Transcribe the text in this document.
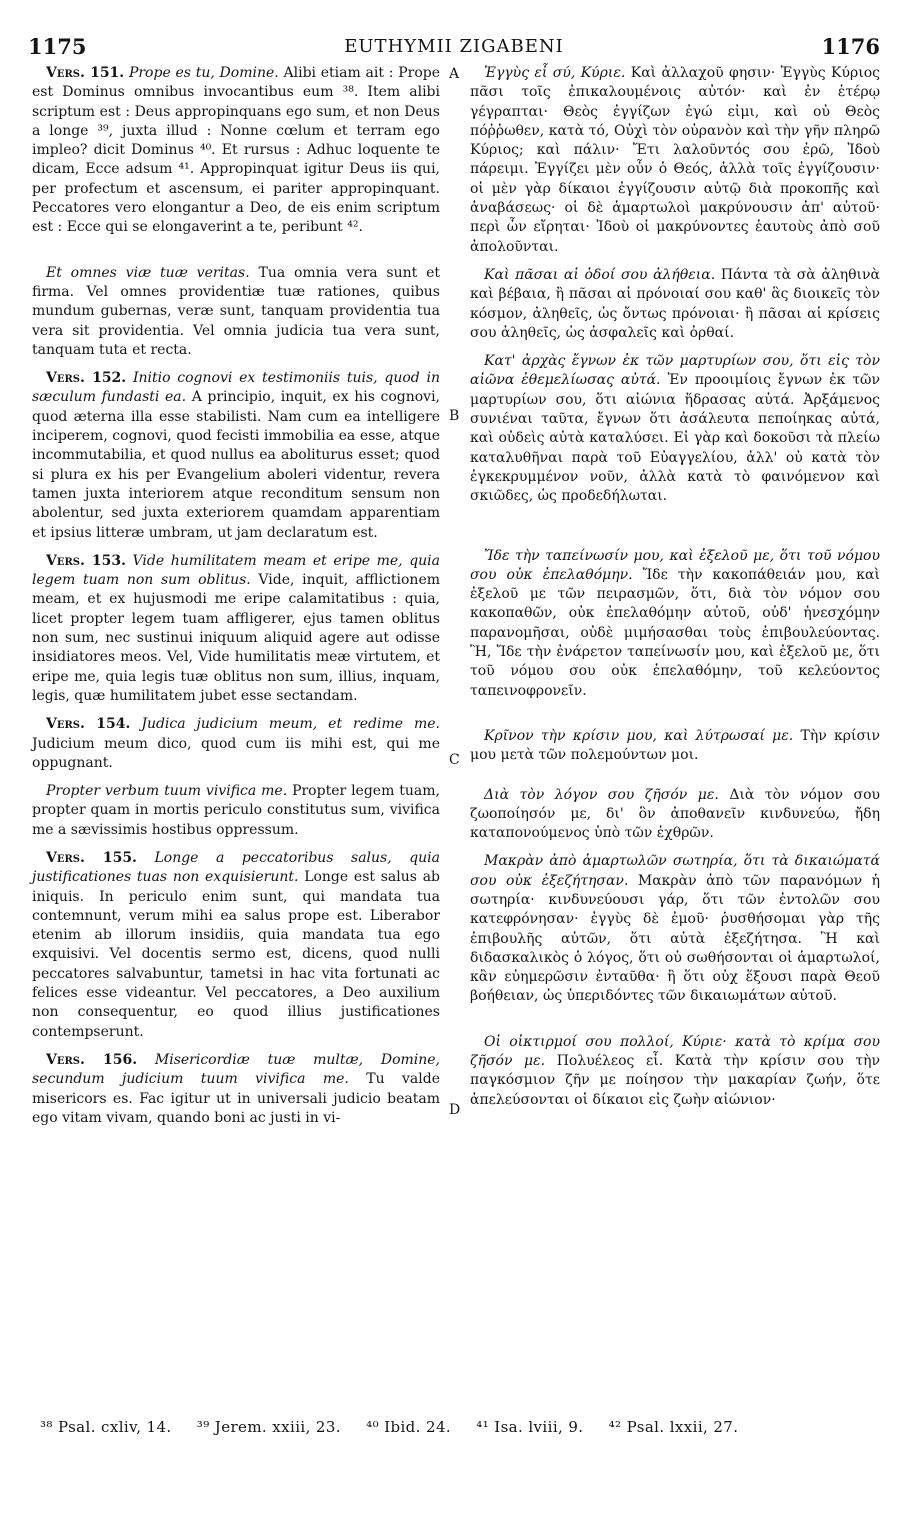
1175	EUTHYMII ZIGABENI	1176

Vers. 151. Prope es tu, Domine. Alibi etiam ait : Prope est Dominus omnibus invocantibus eum ³⁸. Item alibi scriptum est : Deus appropinquans ego sum, et non Deus a longe ³⁹, juxta illud : Nonne cœlum et terram ego impleo? dicit Dominus ⁴⁰. Et rursus : Adhuc loquente te dicam, Ecce adsum ⁴¹. Appropinquat igitur Deus iis qui, per profectum et ascensum, ei pariter appropinquant. Peccatores vero elongantur a Deo, de eis enim scriptum est : Ecce qui se elongaverint a te, peribunt ⁴².

Et omnes viæ tuæ veritas. Tua omnia vera sunt et firma. Vel omnes providentiæ tuæ rationes, quibus mundum gubernas, veræ sunt, tanquam providentia tua vera sit providentia. Vel omnia judicia tua vera sunt, tanquam tuta et recta.

Vers. 152. Initio cognovi ex testimoniis tuis, quod in sæculum fundasti ea. A principio, inquit, ex his cognovi, quod æterna illa esse stabilisti. Nam cum ea intelligere inciperem, cognovi, quod fecisti immobilia ea esse, atque incommutabilia, et quod nullus ea aboliturus esset; quod si plura ex his per Evangelium aboleri videntur, revera tamen juxta interiorem atque reconditum sensum non abolentur, sed juxta exteriorem quamdam apparentiam et ipsius litteræ umbram, ut jam declaratum est.

Vers. 153. Vide humilitatem meam et eripe me, quia legem tuam non sum oblitus. Vide, inquit, afflictionem meam, et ex hujusmodi me eripe calamitatibus : quia, licet propter legem tuam affligerer, ejus tamen oblitus non sum, nec sustinui iniquum aliquid agere aut odisse insidiatores meos. Vel, Vide humilitatis meæ virtutem, et eripe me, quia legis tuæ oblitus non sum, illius, inquam, legis, quæ humilitatem jubet esse sectandam.

Vers. 154. Judica judicium meum, et redime me. Judicium meum dico, quod cum iis mihi est, qui me oppugnant.

Propter verbum tuum vivifica me. Propter legem tuam, propter quam in mortis periculo constitutus sum, vivifica me a sævissimis hostibus oppressum.

Vers. 155. Longe a peccatoribus salus, quia justificationes tuas non exquisierunt. Longe est salus ab iniquis. In periculo enim sunt, qui mandata tua contemnunt, verum mihi ea salus prope est. Liberabor etenim ab illorum insidiis, quia mandata tua ego exquisivi. Vel docentis sermo est, dicens, quod nulli peccatores salvabuntur, tametsi in hac vita fortunati ac felices esse videantur. Vel peccatores, a Deo auxilium non consequentur, eo quod illius justificationes contempserunt.

Vers. 156. Misericordiæ tuæ multæ, Domine, secundum judicium tuum vivifica me. Tu valde misericors es. Fac igitur ut in universali judicio beatam ego vitam vivam, quando boni ac justi in vi-

Ἐγγὺς εἶ σύ, Κύριε. Καὶ ἀλλαχοῦ φησιν· Ἐγγὺς Κύριος πᾶσι τοῖς ἐπικαλουμένοις αὐτόν· καὶ ἐν ἑτέρῳ γέγραπται· Θεὸς ἐγγίζων ἐγώ εἰμι, καὶ οὐ Θεὸς πόῤῥωθεν, κατὰ τό, Οὐχὶ τὸν οὐρανὸν καὶ τὴν γῆν πληρῶ Κύριος; καὶ πάλιν· Ἔτι λαλοῦντός σου ἐρῶ, Ἰδοὺ πάρειμι. Ἐγγίζει μὲν οὖν ὁ Θεός, ἀλλὰ τοῖς ἐγγίζουσιν· οἱ μὲν γὰρ δίκαιοι ἐγγίζουσιν αὐτῷ διὰ προκοπῆς καὶ ἀναβάσεως· οἱ δὲ ἁμαρτωλοὶ μακρύνουσιν ἀπ' αὐτοῦ· περὶ ὧν εἴρηται· Ἰδοὺ οἱ μακρύνοντες ἑαυτοὺς ἀπὸ σοῦ ἀπολοῦνται.

Καὶ πᾶσαι αἱ ὁδοί σου ἀλήθεια. Πάντα τὰ σὰ ἀληθινὰ καὶ βέβαια, ἢ πᾶσαι αἱ πρόνοιαί σου καθ' ἃς διοικεῖς τὸν κόσμον, ἀληθεῖς, ὡς ὄντως πρόνοιαι· ἢ πᾶσαι αἱ κρίσεις σου ἀληθεῖς, ὡς ἀσφαλεῖς καὶ ὀρθαί.

Κατ' ἀρχὰς ἔγνων ἐκ τῶν μαρτυρίων σου, ὅτι εἰς τὸν αἰῶνα ἐθεμελίωσας αὐτά. Ἐν προοιμίοις ἔγνων ἐκ τῶν μαρτυρίων σου, ὅτι αἰώνια ἥδρασας αὐτά. Ἀρξάμενος συνιέναι ταῦτα, ἔγνων ὅτι ἀσάλευτα πεποίηκας αὐτά, καὶ οὐδεὶς αὐτὰ καταλύσει. Εἰ γὰρ καὶ δοκοῦσι τὰ πλείω καταλυθῆναι παρὰ τοῦ Εὐαγγελίου, ἀλλ' οὐ κατὰ τὸν ἐγκεκρυμμένον νοῦν, ἀλλὰ κατὰ τὸ φαινόμενον καὶ σκιῶδες, ὡς προδεδήλωται.

Ἴδε τὴν ταπείνωσίν μου, καὶ ἐξελοῦ με, ὅτι τοῦ νόμου σου οὐκ ἐπελαθόμην. Ἴδε τὴν κακοπάθειάν μου, καὶ ἐξελοῦ με τῶν πειρασμῶν, ὅτι, διὰ τὸν νόμον σου κακοπαθῶν, οὐκ ἐπελαθόμην αὐτοῦ, οὐδ' ἠνεσχόμην παρανομῆσαι, οὐδὲ μιμήσασθαι τοὺς ἐπιβουλεύοντας. Ἢ, Ἴδε τὴν ἐνάρετον ταπείνωσίν μου, καὶ ἐξελοῦ με, ὅτι τοῦ νόμου σου οὐκ ἐπελαθόμην, τοῦ κελεύοντος ταπεινοφρονεῖν.

Κρῖνον τὴν κρίσιν μου, καὶ λύτρωσαί με. Τὴν κρίσιν μου μετὰ τῶν πολεμούντων μοι.

Διὰ τὸν λόγον σου ζῆσόν με. Διὰ τὸν νόμον σου ζωοποίησόν με, δι' ὃν ἀποθανεῖν κινδυνεύω, ἤδη καταπονούμενος ὑπὸ τῶν ἐχθρῶν.

Μακρὰν ἀπὸ ἁμαρτωλῶν σωτηρία, ὅτι τὰ δικαιώματά σου οὐκ ἐξεζήτησαν. Μακρὰν ἀπὸ τῶν παρανόμων ἡ σωτηρία· κινδυνεύουσι γάρ, ὅτι τῶν ἐντολῶν σου κατεφρόνησαν· ἐγγὺς δὲ ἐμοῦ· ῥυσθήσομαι γὰρ τῆς ἐπιβουλῆς αὐτῶν, ὅτι αὐτὰ ἐξεζήτησα. Ἢ καὶ διδασκαλικὸς ὁ λόγος, ὅτι οὐ σωθήσονται οἱ ἁμαρτωλοί, κἂν εὐημερῶσιν ἐνταῦθα· ἢ ὅτι οὐχ ἕξουσι παρὰ Θεοῦ βοήθειαν, ὡς ὑπεριδόντες τῶν δικαιωμάτων αὐτοῦ.

Οἱ οἰκτιρμοί σου πολλοί, Κύριε· κατὰ τὸ κρίμα σου ζῆσόν με. Πολυέλεος εἶ. Κατὰ τὴν κρίσιν σου τὴν παγκόσμιον ζῆν με ποίησον τὴν μακαρίαν ζωήν, ὅτε ἀπελεύσονται οἱ δίκαιοι εἰς ζωὴν αἰώνιον·

A
B
C
D
³⁸ Psal. cxliv, 14. ³⁹ Jerem. xxiii, 23. ⁴⁰ Ibid. 24. ⁴¹ Isa. lviii, 9. ⁴² Psal. lxxii, 27.
